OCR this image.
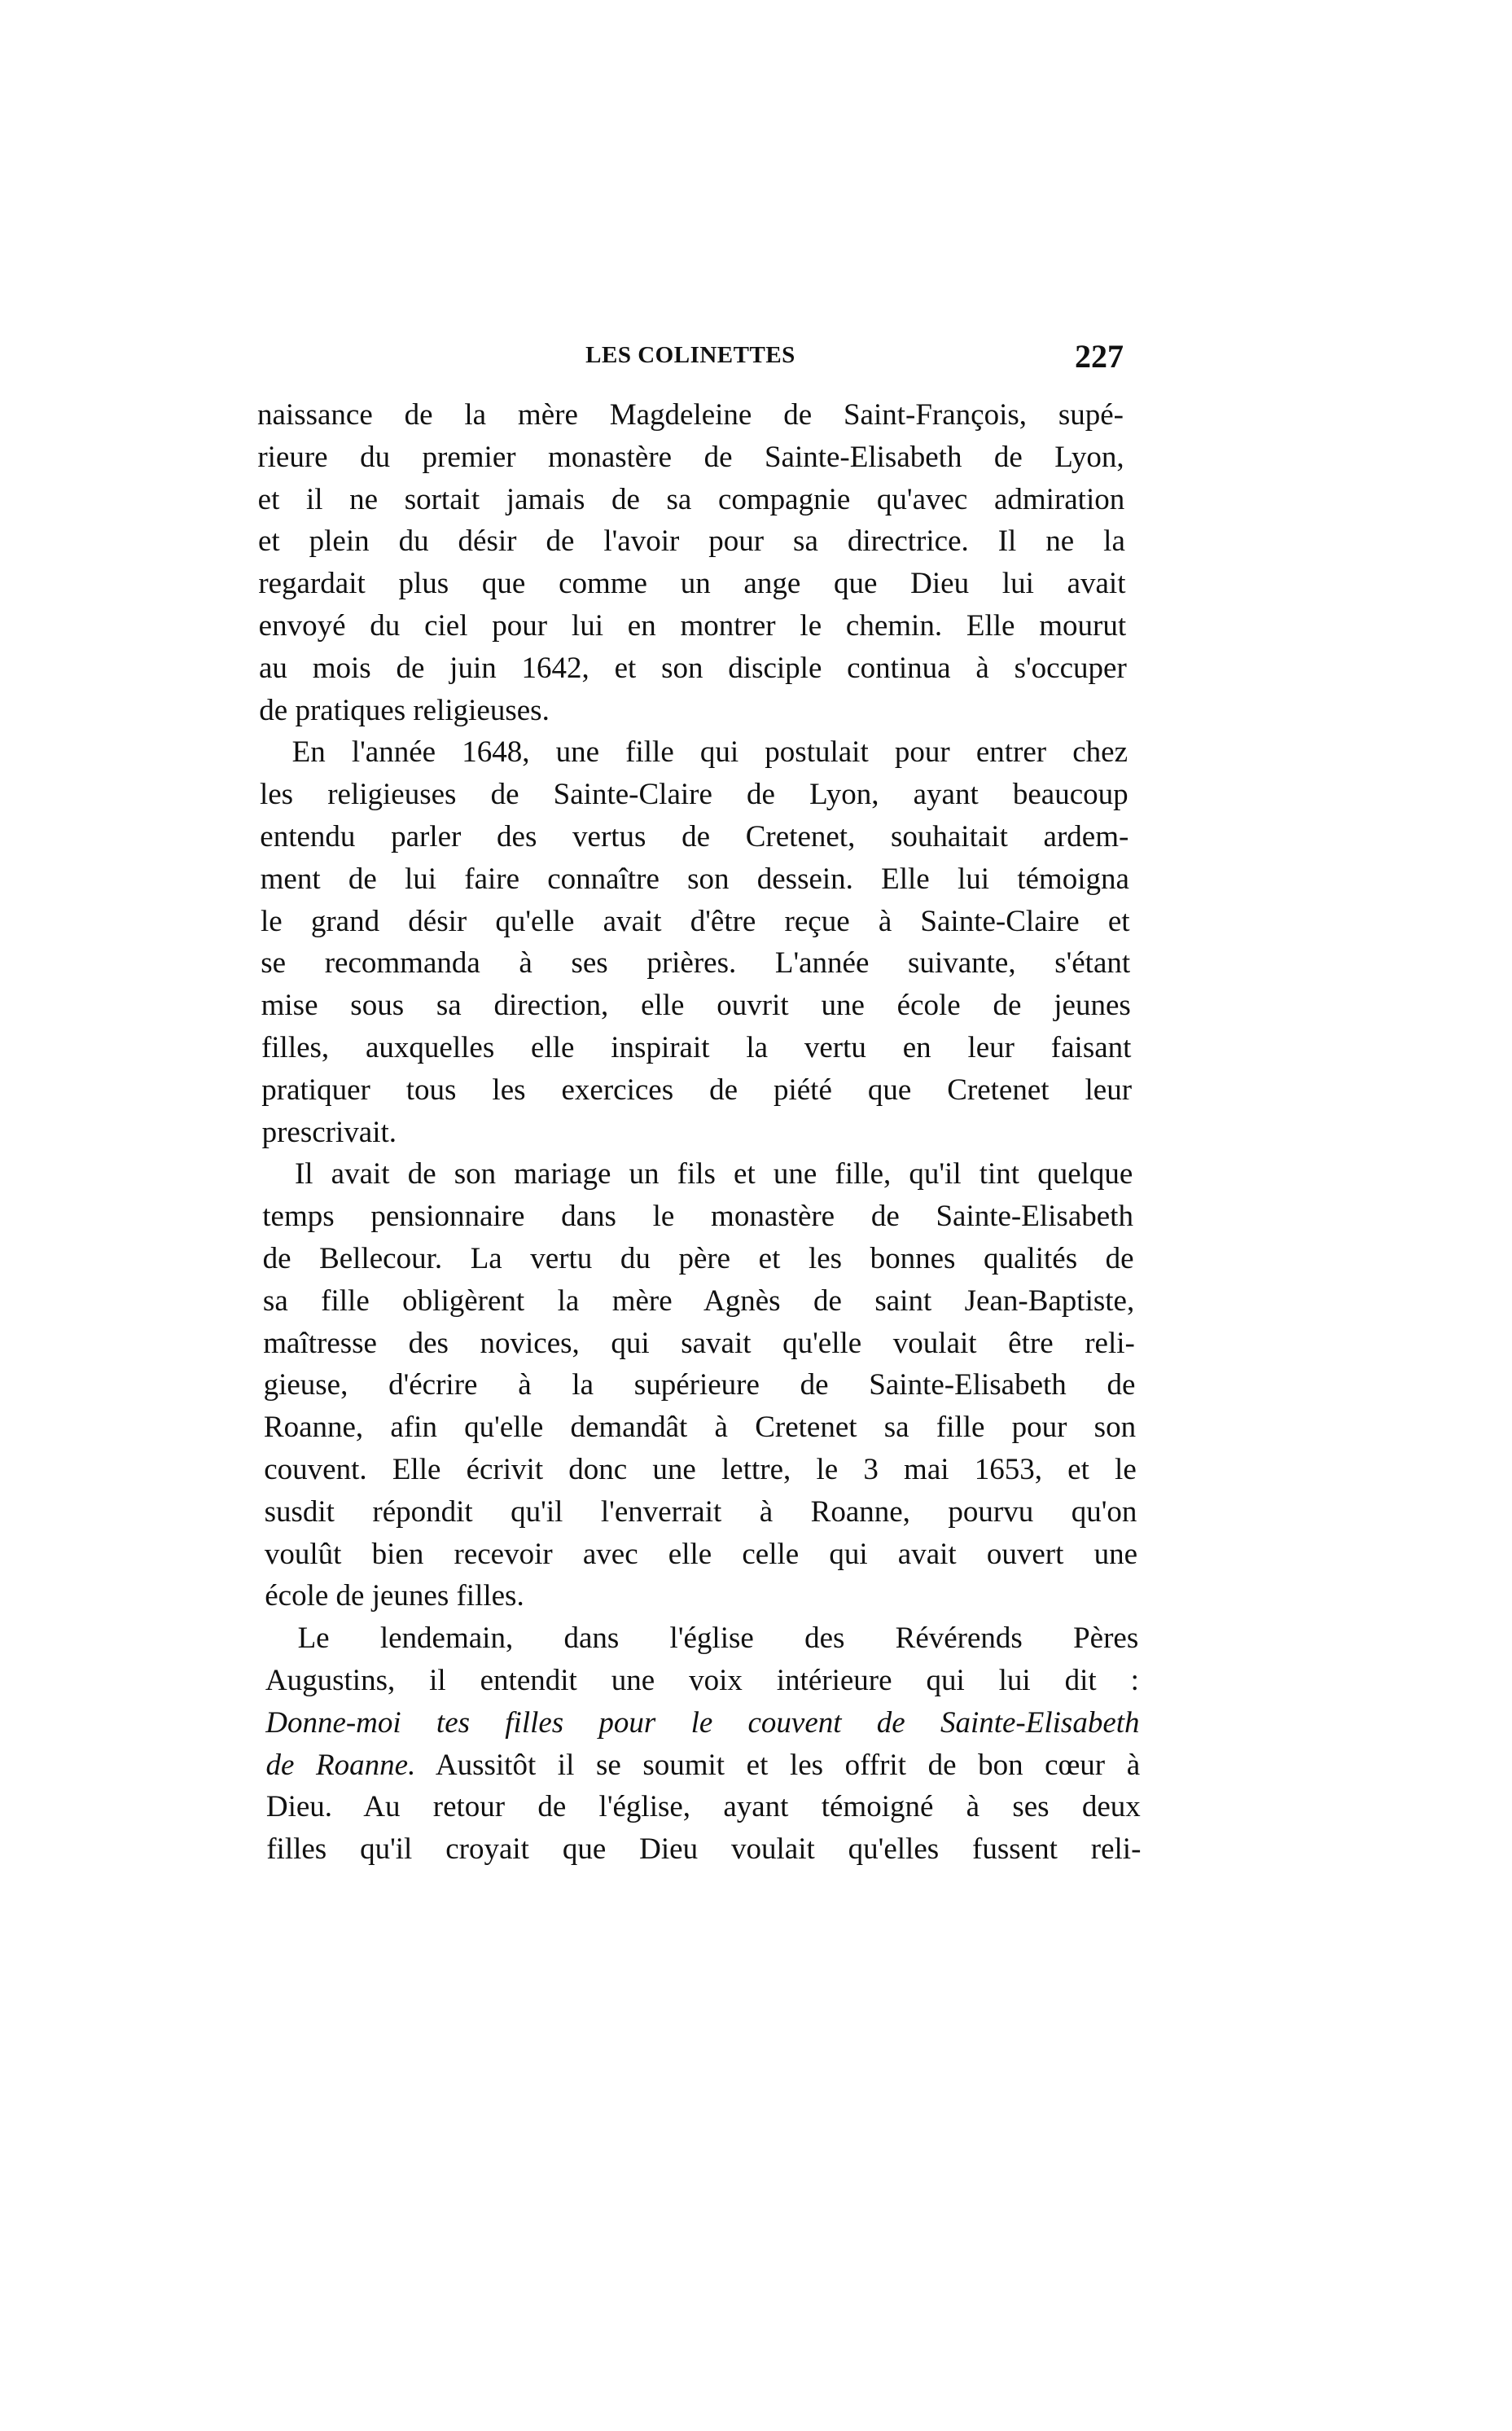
LES COLINETTES	227
naissance de la mère Magdeleine de Saint-François, supé-
rieure du premier monastère de Sainte-Elisabeth de Lyon,
et il ne sortait jamais de sa compagnie qu'avec admiration
et plein du désir de l'avoir pour sa directrice. Il ne la
regardait plus que comme un ange que Dieu lui avait
envoyé du ciel pour lui en montrer le chemin. Elle mourut
au mois de juin 1642, et son disciple continua à s'occuper
de pratiques religieuses.
En l'année 1648, une fille qui postulait pour entrer chez
les religieuses de Sainte-Claire de Lyon, ayant beaucoup
entendu parler des vertus de Cretenet, souhaitait ardem-
ment de lui faire connaître son dessein. Elle lui témoigna
le grand désir qu'elle avait d'être reçue à Sainte-Claire et
se recommanda à ses prières. L'année suivante, s'étant
mise sous sa direction, elle ouvrit une école de jeunes
filles, auxquelles elle inspirait la vertu en leur faisant
pratiquer tous les exercices de piété que Cretenet leur
prescrivait.
Il avait de son mariage un fils et une fille, qu'il tint quelque
temps pensionnaire dans le monastère de Sainte-Elisabeth
de Bellecour. La vertu du père et les bonnes qualités de
sa fille obligèrent la mère Agnès de saint Jean-Baptiste,
maîtresse des novices, qui savait qu'elle voulait être reli-
gieuse, d'écrire à la supérieure de Sainte-Elisabeth de
Roanne, afin qu'elle demandât à Cretenet sa fille pour son
couvent. Elle écrivit donc une lettre, le 3 mai 1653, et le
susdit répondit qu'il l'enverrait à Roanne, pourvu qu'on
voulût bien recevoir avec elle celle qui avait ouvert une
école de jeunes filles.
Le lendemain, dans l'église des Révérends Pères
Augustins, il entendit une voix intérieure qui lui dit :
Donne-moi tes filles pour le couvent de Sainte-Elisabeth
de Roanne. Aussitôt il se soumit et les offrit de bon cœur à
Dieu. Au retour de l'église, ayant témoigné à ses deux
filles qu'il croyait que Dieu voulait qu'elles fussent reli-
